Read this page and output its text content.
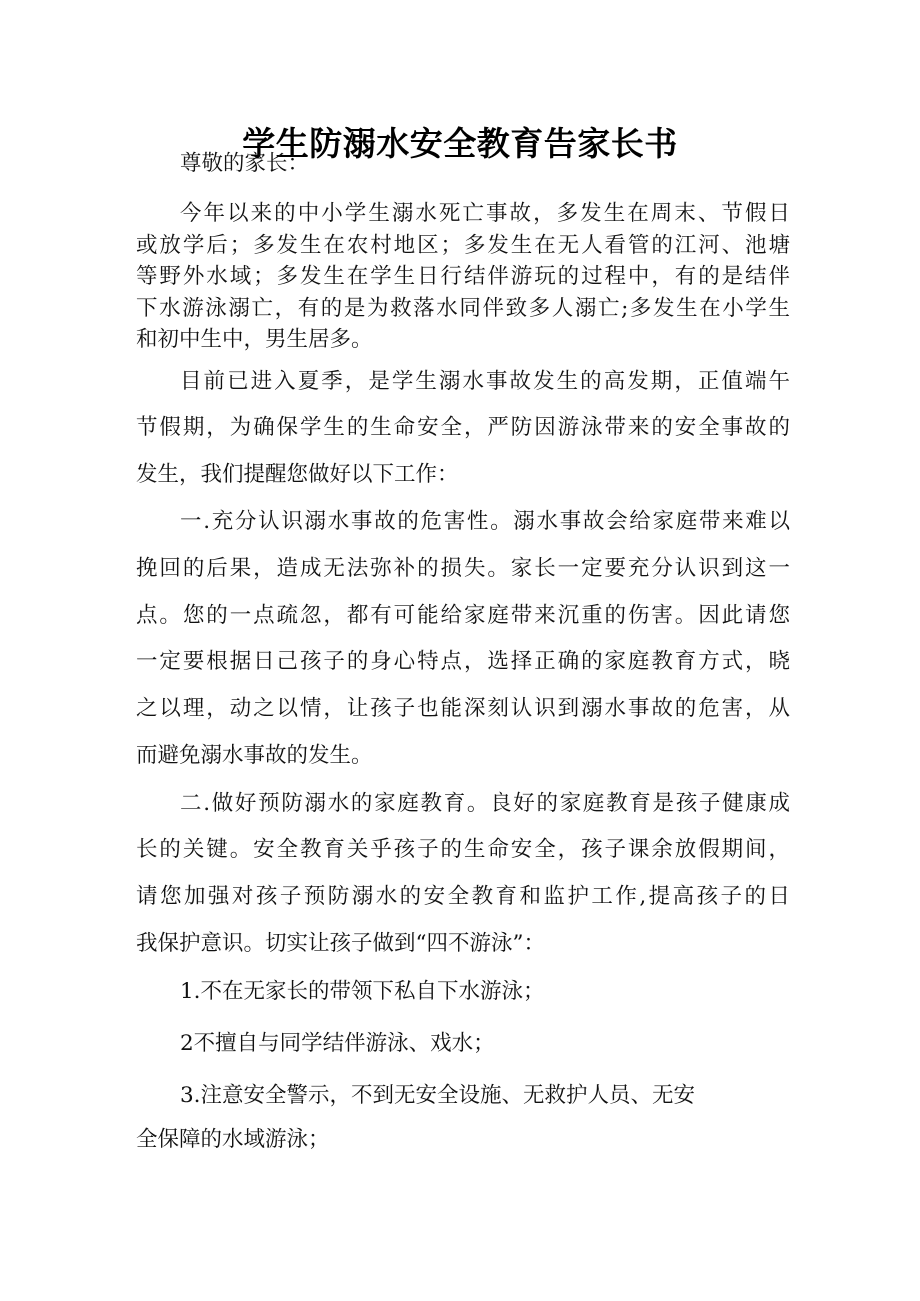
学生防溺水安全教育告家长书

尊敬的家长：

今年以来的中小学生溺水死亡事故，多发生在周末、节假日

或放学后；多发生在农村地区；多发生在无人看管的江河、池塘

等野外水域；多发生在学生日行结伴游玩的过程中，有的是结伴

下水游泳溺亡，有的是为救落水同伴致多人溺亡;多发生在小学生

和初中生中，男生居多。

目前已进入夏季，是学生溺水事故发生的高发期，正值端午

节假期，为确保学生的生命安全，严防因游泳带来的安全事故的

发生，我们提醒您做好以下工作：

一.充分认识溺水事故的危害性。溺水事故会给家庭带来难以

挽回的后果，造成无法弥补的损失。家长一定要充分认识到这一

点。您的一点疏忽，都有可能给家庭带来沉重的伤害。因此请您

一定要根据日己孩子的身心特点，选择正确的家庭教育方式，晓

之以理，动之以情，让孩子也能深刻认识到溺水事故的危害，从

而避免溺水事故的发生。

二.做好预防溺水的家庭教育。良好的家庭教育是孩子健康成

长的关键。安全教育关乎孩子的生命安全，孩子课余放假期间，

请您加强对孩子预防溺水的安全教育和监护工作,提高孩子的日

我保护意识。切实让孩子做到“四不游泳”：

1.不在无家长的带领下私自下水游泳；

2不擅自与同学结伴游泳、戏水；

3.注意安全警示，不到无安全设施、无救护人员、无安

全保障的水域游泳；
